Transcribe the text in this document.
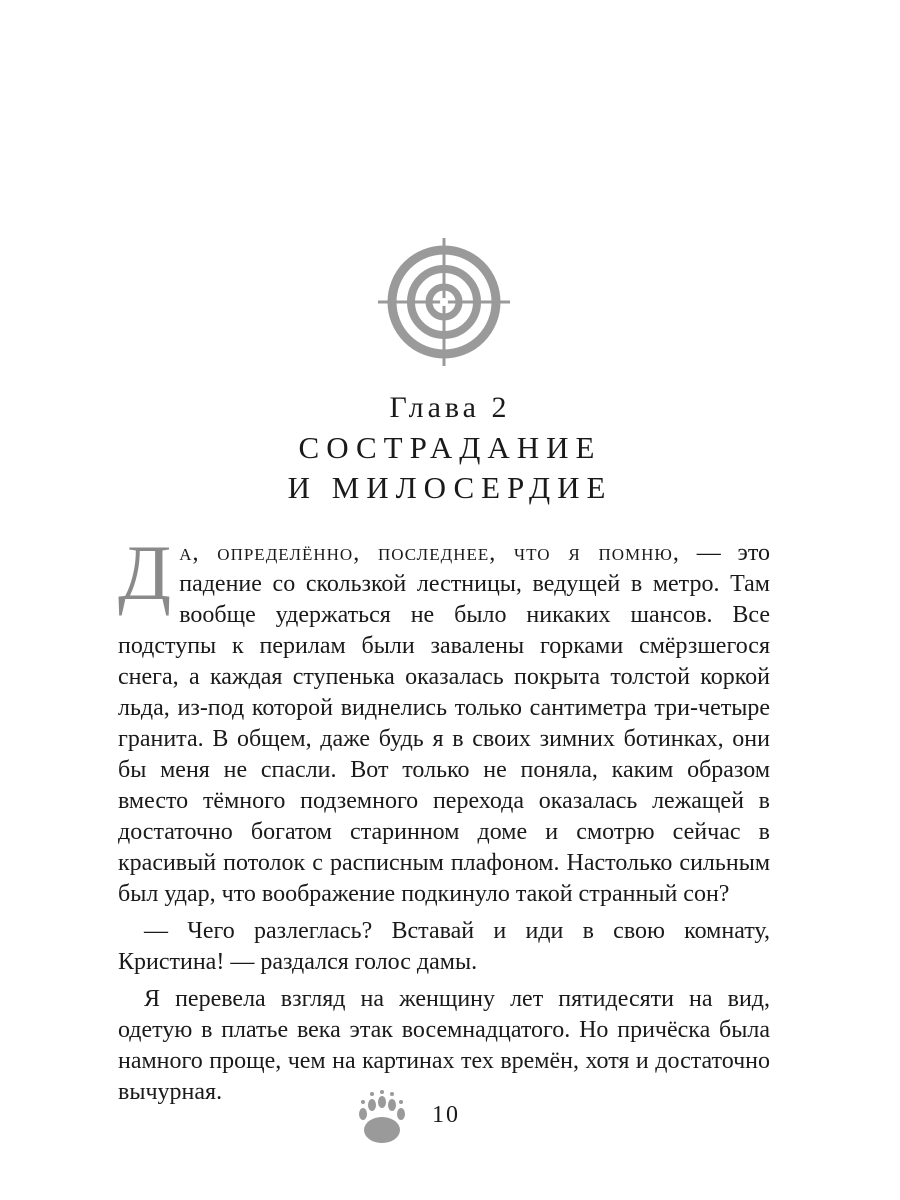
Глава 2
СОСТРАДАНИЕ
И МИЛОСЕРДИЕ

Да, определённо, последнее, что я помню, — это падение со скользкой лестницы, ведущей в метро. Там вообще удержаться не было никаких шансов. Все подступы к перилам были завалены горками смёрзшегося снега, а каждая ступенька оказалась покрыта толстой коркой льда, из-под которой виднелись только сантиметра три-четыре гранита. В общем, даже будь я в своих зимних ботинках, они бы меня не спасли. Вот только не поняла, каким образом вместо тёмного подземного перехода оказалась лежащей в достаточно богатом старинном доме и смотрю сейчас в красивый потолок с расписным плафоном. Настолько сильным был удар, что воображение подкинуло такой странный сон?

— Чего разлеглась? Вставай и иди в свою комнату, Кристина! — раздался голос дамы.

Я перевела взгляд на женщину лет пятидесяти на вид, одетую в платье века этак восемнадцатого. Но причёска была намного проще, чем на картинах тех времён, хотя и достаточно вычурная.

10
